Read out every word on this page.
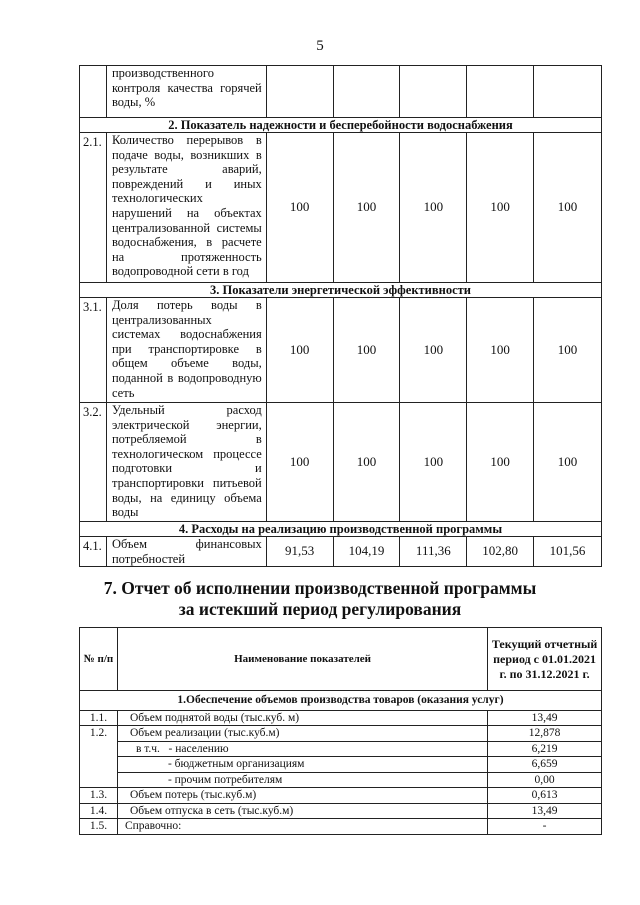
5
	производственного контроля качества горячей воды, %					
2. Показатель надежности и бесперебойности водоснабжения						
2.1.	Количество перерывов в подаче воды, возникших в результате аварий, повреждений и иных технологических нарушений на объектах централизованной системы водоснабжения, в расчете на протяженность водопроводной сети в год	100	100	100	100	100
3. Показатели энергетической эффективности						
3.1.	Доля потерь воды в централизованных системах водоснабжения при транспортировке в общем объеме воды, поданной в водопроводную сеть	100	100	100	100	100
3.2.	Удельный расход электрической энергии, потребляемой в технологическом процессе подготовки и транспортировки питьевой воды, на единицу объема воды	100	100	100	100	100
4. Расходы на реализацию производственной программы						
4.1.	Объем финансовых потребностей	91,53	104,19	111,36	102,80	101,56
7. Отчет об исполнении производственной программы
за истекший период регулирования
№ п/п	Наименование показателей	Текущий отчетный период с 01.01.2021 г. по 31.12.2021 г.
1.Обеспечение объемов производства товаров (оказания услуг)		
1.1.	Объем поднятой воды (тыс.куб. м)	13,49
1.2.	Объем реализации (тыс.куб.м)	12,878
	в т.ч.   - населению	6,219
	- бюджетным организациям	6,659
	- прочим потребителям	0,00
1.3.	Объем потерь (тыс.куб.м)	0,613
1.4.	Объем отпуска в сеть (тыс.куб.м)	13,49
1.5.	Справочно:	-
